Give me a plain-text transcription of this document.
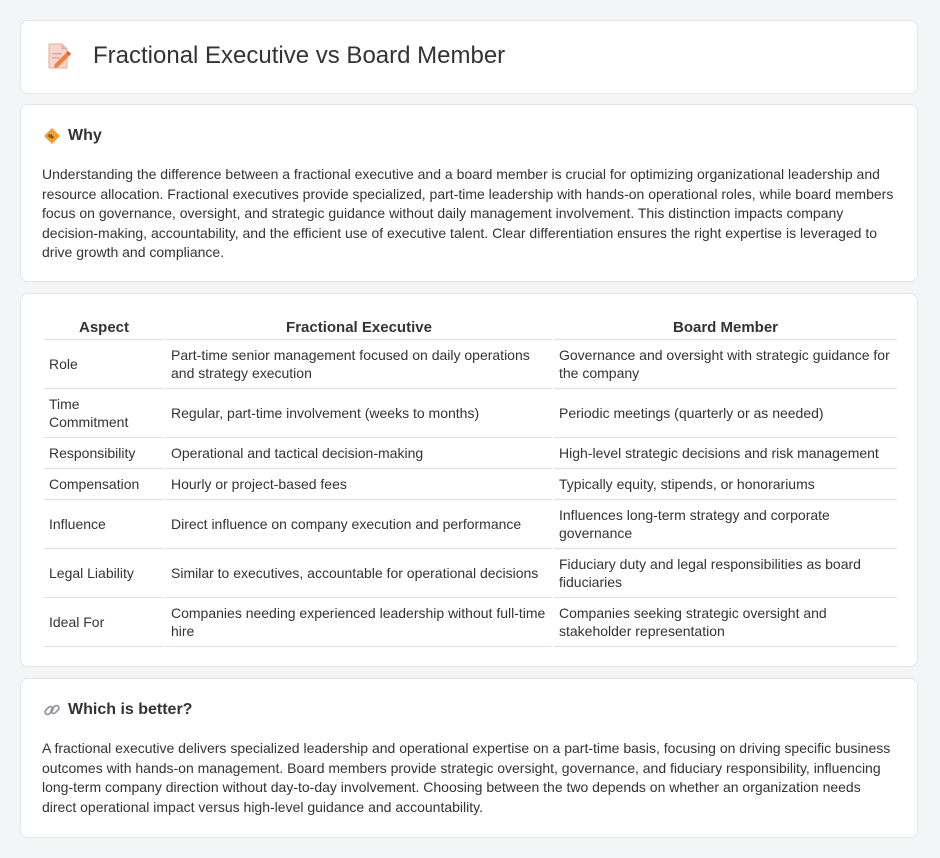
Fractional Executive vs Board Member
Why

Understanding the difference between a fractional executive and a board member is crucial for optimizing organizational leadership and resource allocation. Fractional executives provide specialized, part-time leadership with hands-on operational roles, while board members focus on governance, oversight, and strategic guidance without daily management involvement. This distinction impacts company decision-making, accountability, and the efficient use of executive talent. Clear differentiation ensures the right expertise is leveraged to drive growth and compliance.

Aspect	Fractional Executive	Board Member
Role	Part-time senior management focused on daily operations and strategy execution	Governance and oversight with strategic guidance for the company
Time Commitment	Regular, part-time involvement (weeks to months)	Periodic meetings (quarterly or as needed)
Responsibility	Operational and tactical decision-making	High-level strategic decisions and risk management
Compensation	Hourly or project-based fees	Typically equity, stipends, or honorariums
Influence	Direct influence on company execution and performance	Influences long-term strategy and corporate governance
Legal Liability	Similar to executives, accountable for operational decisions	Fiduciary duty and legal responsibilities as board fiduciaries
Ideal For	Companies needing experienced leadership without full-time hire	Companies seeking strategic oversight and stakeholder representation
Which is better?

A fractional executive delivers specialized leadership and operational expertise on a part-time basis, focusing on driving specific business outcomes with hands-on management. Board members provide strategic oversight, governance, and fiduciary responsibility, influencing long-term company direction without day-to-day involvement. Choosing between the two depends on whether an organization needs direct operational impact versus high-level guidance and accountability.
